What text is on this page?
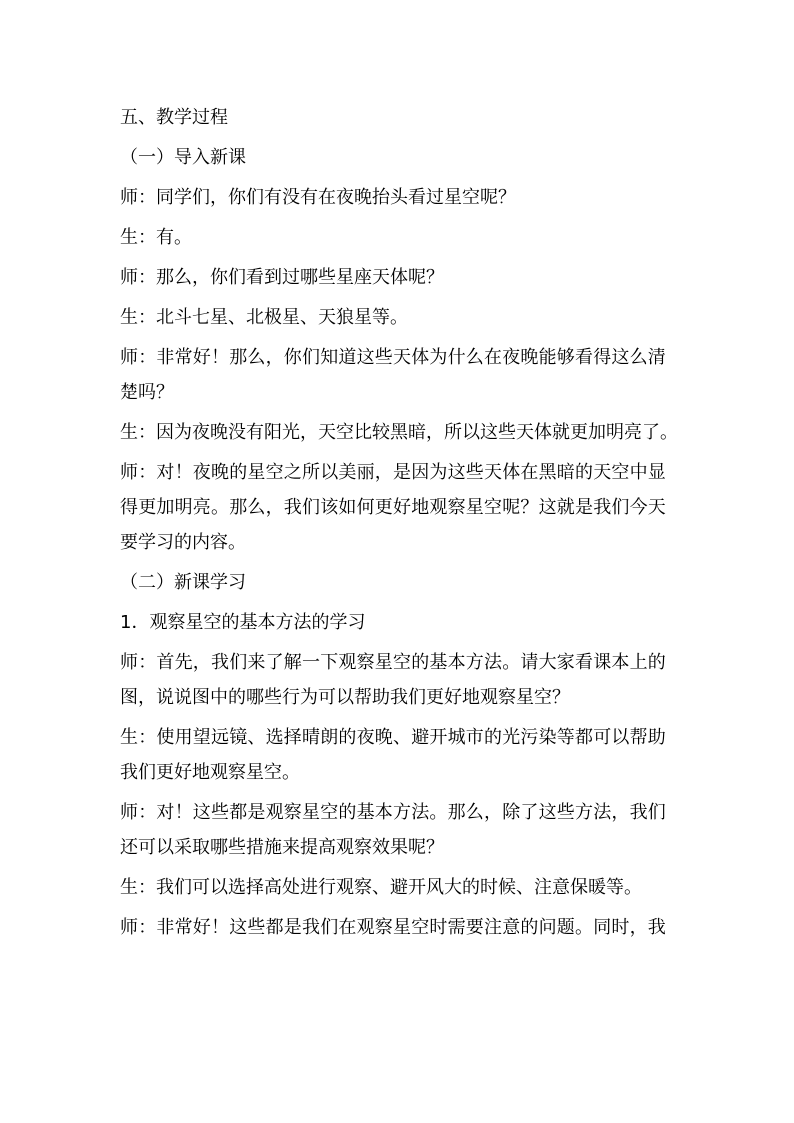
五、教学过程
（一）导入新课
师：同学们，你们有没有在夜晚抬头看过星空呢？
生：有。
师：那么，你们看到过哪些星座天体呢？
生：北斗七星、北极星、天狼星等。
师：非常好！那么，你们知道这些天体为什么在夜晚能够看得这么清
楚吗？
生：因为夜晚没有阳光，天空比较黑暗，所以这些天体就更加明亮了。
师：对！夜晚的星空之所以美丽，是因为这些天体在黑暗的天空中显
得更加明亮。那么，我们该如何更好地观察星空呢？这就是我们今天
要学习的内容。
（二）新课学习
1．观察星空的基本方法的学习
师：首先，我们来了解一下观察星空的基本方法。请大家看课本上的
图，说说图中的哪些行为可以帮助我们更好地观察星空？
生：使用望远镜、选择晴朗的夜晚、避开城市的光污染等都可以帮助
我们更好地观察星空。
师：对！这些都是观察星空的基本方法。那么，除了这些方法，我们
还可以采取哪些措施来提高观察效果呢？
生：我们可以选择高处进行观察、避开风大的时候、注意保暖等。
师：非常好！这些都是我们在观察星空时需要注意的问题。同时，我
